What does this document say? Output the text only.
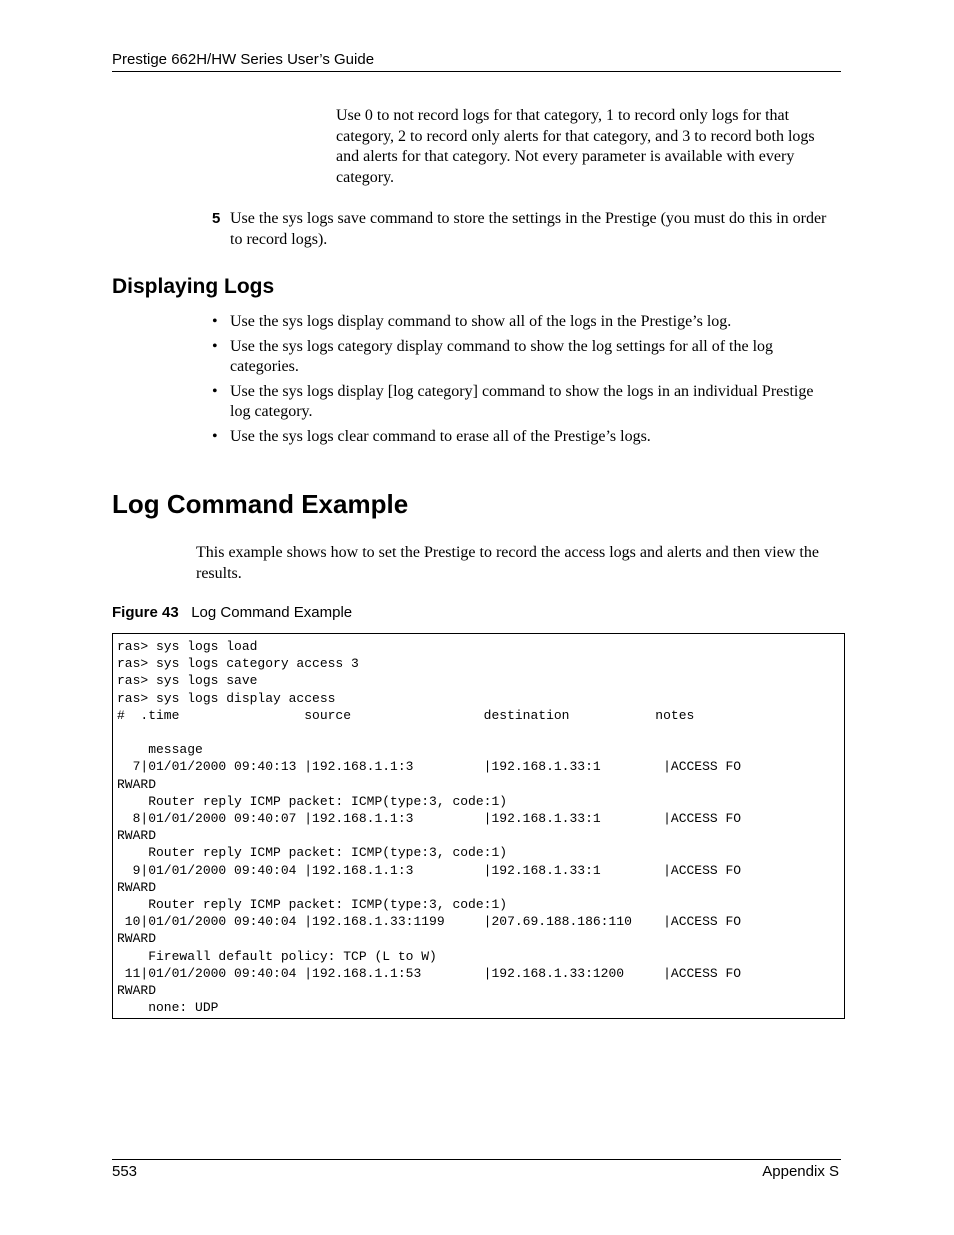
Prestige 662H/HW Series User’s Guide
Use 0 to not record logs for that category, 1 to record only logs for that category, 2 to record only alerts for that category, and 3 to record both logs and alerts for that category. Not every parameter is available with every category.
5 Use the sys logs save command to store the settings in the Prestige (you must do this in order to record logs).
Displaying Logs
• Use the sys logs display command to show all of the logs in the Prestige’s log.
• Use the sys logs category display command to show the log settings for all of the log categories.
• Use the sys logs display [log category] command to show the logs in an individual Prestige log category.
• Use the sys logs clear command to erase all of the Prestige’s logs.
Log Command Example
This example shows how to set the Prestige to record the access logs and alerts and then view the results.
Figure 43 Log Command Example
ras> sys logs load
ras> sys logs category access 3
ras> sys logs save
ras> sys logs display access
#  .time                source                 destination           notes

message
7|01/01/2000 09:40:13 |192.168.1.1:3         |192.168.1.33:1        |ACCESS FO
RWARD
Router reply ICMP packet: ICMP(type:3, code:1)
8|01/01/2000 09:40:07 |192.168.1.1:3         |192.168.1.33:1        |ACCESS FO
RWARD
Router reply ICMP packet: ICMP(type:3, code:1)
9|01/01/2000 09:40:04 |192.168.1.1:3         |192.168.1.33:1        |ACCESS FO
RWARD
Router reply ICMP packet: ICMP(type:3, code:1)
10|01/01/2000 09:40:04 |192.168.1.33:1199     |207.69.188.186:110    |ACCESS FO
RWARD
Firewall default policy: TCP (L to W)
11|01/01/2000 09:40:04 |192.168.1.1:53        |192.168.1.33:1200     |ACCESS FO
RWARD
none: UDP
553	Appendix S
